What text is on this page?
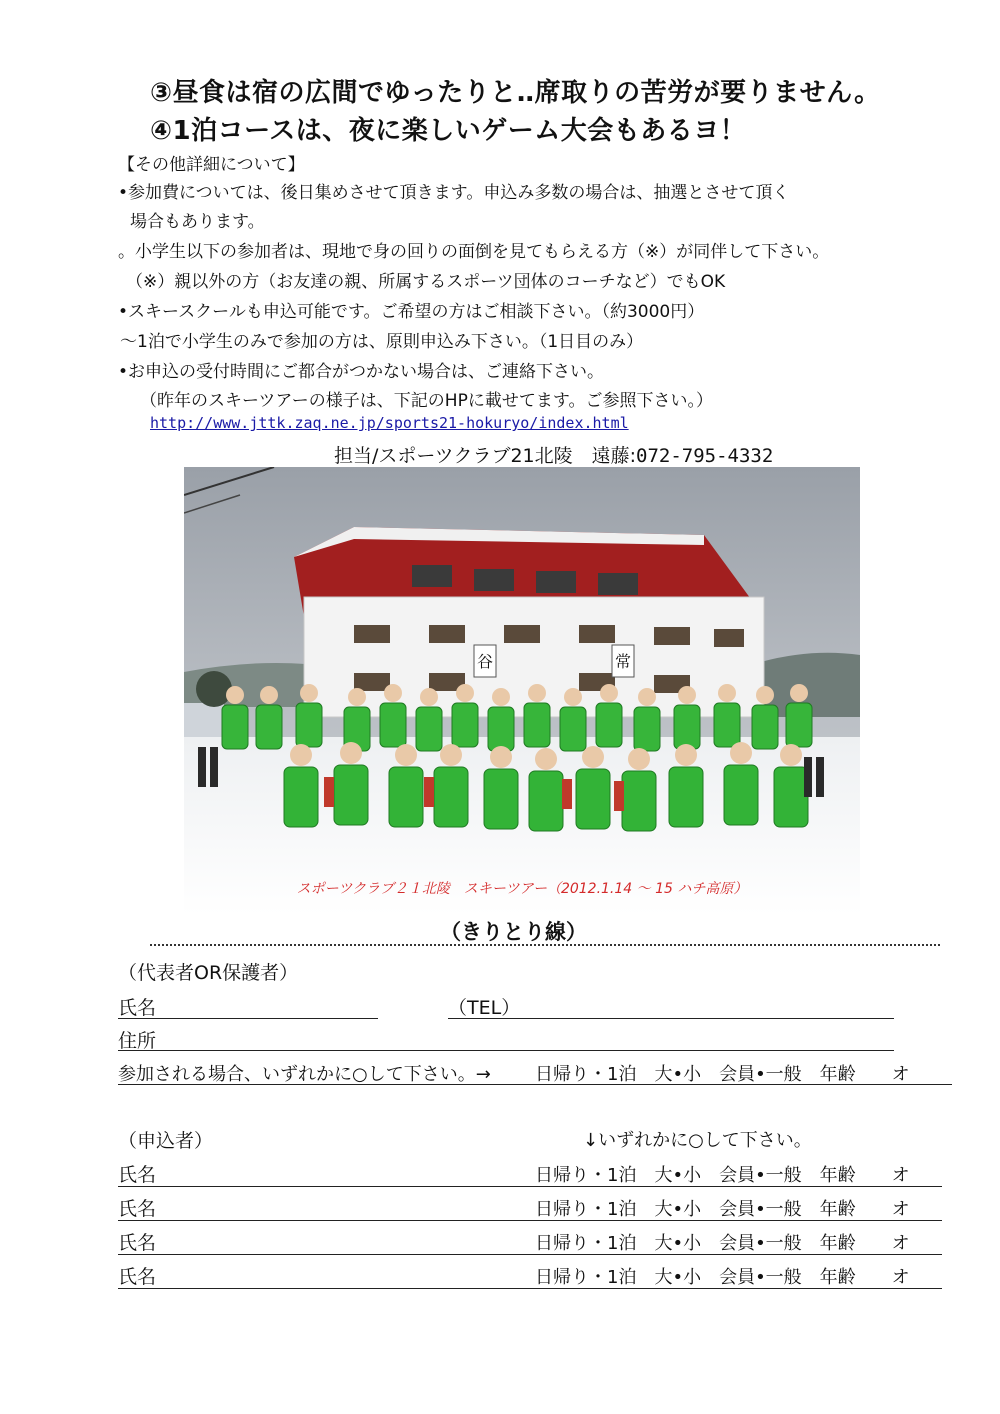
③昼食は宿の広間でゆったりと‥席取りの苦労が要りません。
④1泊コースは、夜に楽しいゲーム大会もあるヨ！
【その他詳細について】
•参加費については、後日集めさせて頂きます。申込み多数の場合は、抽選とさせて頂く
場合もあります。
。小学生以下の参加者は、現地で身の回りの面倒を見てもらえる方（※）が同伴して下さい。
（※）親以外の方（お友達の親、所属するスポーツ団体のコーチなど）でもOK
•スキースクールも申込可能です。ご希望の方はご相談下さい。（約3000円）
～1泊で小学生のみで参加の方は、原則申込み下さい。（1日目のみ）
•お申込の受付時間にご都合がつかない場合は、ご連絡下さい。
（昨年のスキーツアーの様子は、下記のHPに載せてます。ご参照下さい。）
http://www.jttk.zaq.ne.jp/sports21-hokuryo/index.html
担当/スポーツクラブ21北陵　遠藤:072-795-4332
谷	常
スポーツクラブ２１北陵　スキーツアー（2012.1.14 ～ 15 ハチ高原）
（きりとり線）
（代表者OR保護者）
氏名	（TEL）
住所
参加される場合、いずれかに○して下さい。→ 日帰り・1泊　大•小　会員•一般　年齢　　オ
（申込者）	↓いずれかに○して下さい。
氏名	日帰り・1泊　大•小　会員•一般　年齢　　オ
氏名	日帰り・1泊　大•小　会員•一般　年齢　　オ
氏名	日帰り・1泊　大•小　会員•一般　年齢　　オ
氏名	日帰り・1泊　大•小　会員•一般　年齢　　オ
